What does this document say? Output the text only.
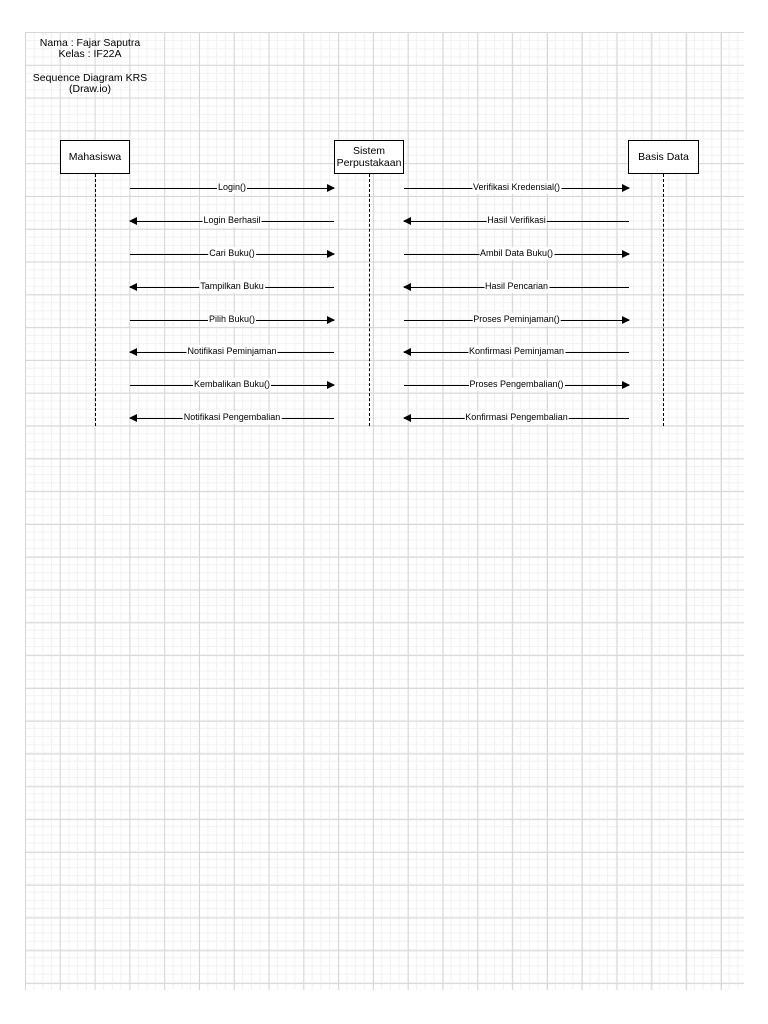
Nama : Fajar Saputra
Kelas : IF22A
Sequence Diagram KRS
(Draw.io)
Mahasiswa	Sistem Perpustakaan	Basis Data
Login()	Verifikasi Kredensial()
Login Berhasil	Hasil Verifikasi
Cari Buku()	Ambil Data Buku()
Tampilkan Buku	Hasil Pencarian
Pilih Buku()	Proses Peminjaman()
Notifikasi Peminjaman	Konfirmasi Peminjaman
Kembalikan Buku()	Proses Pengembalian()
Notifikasi Pengembalian	Konfirmasi Pengembalian
